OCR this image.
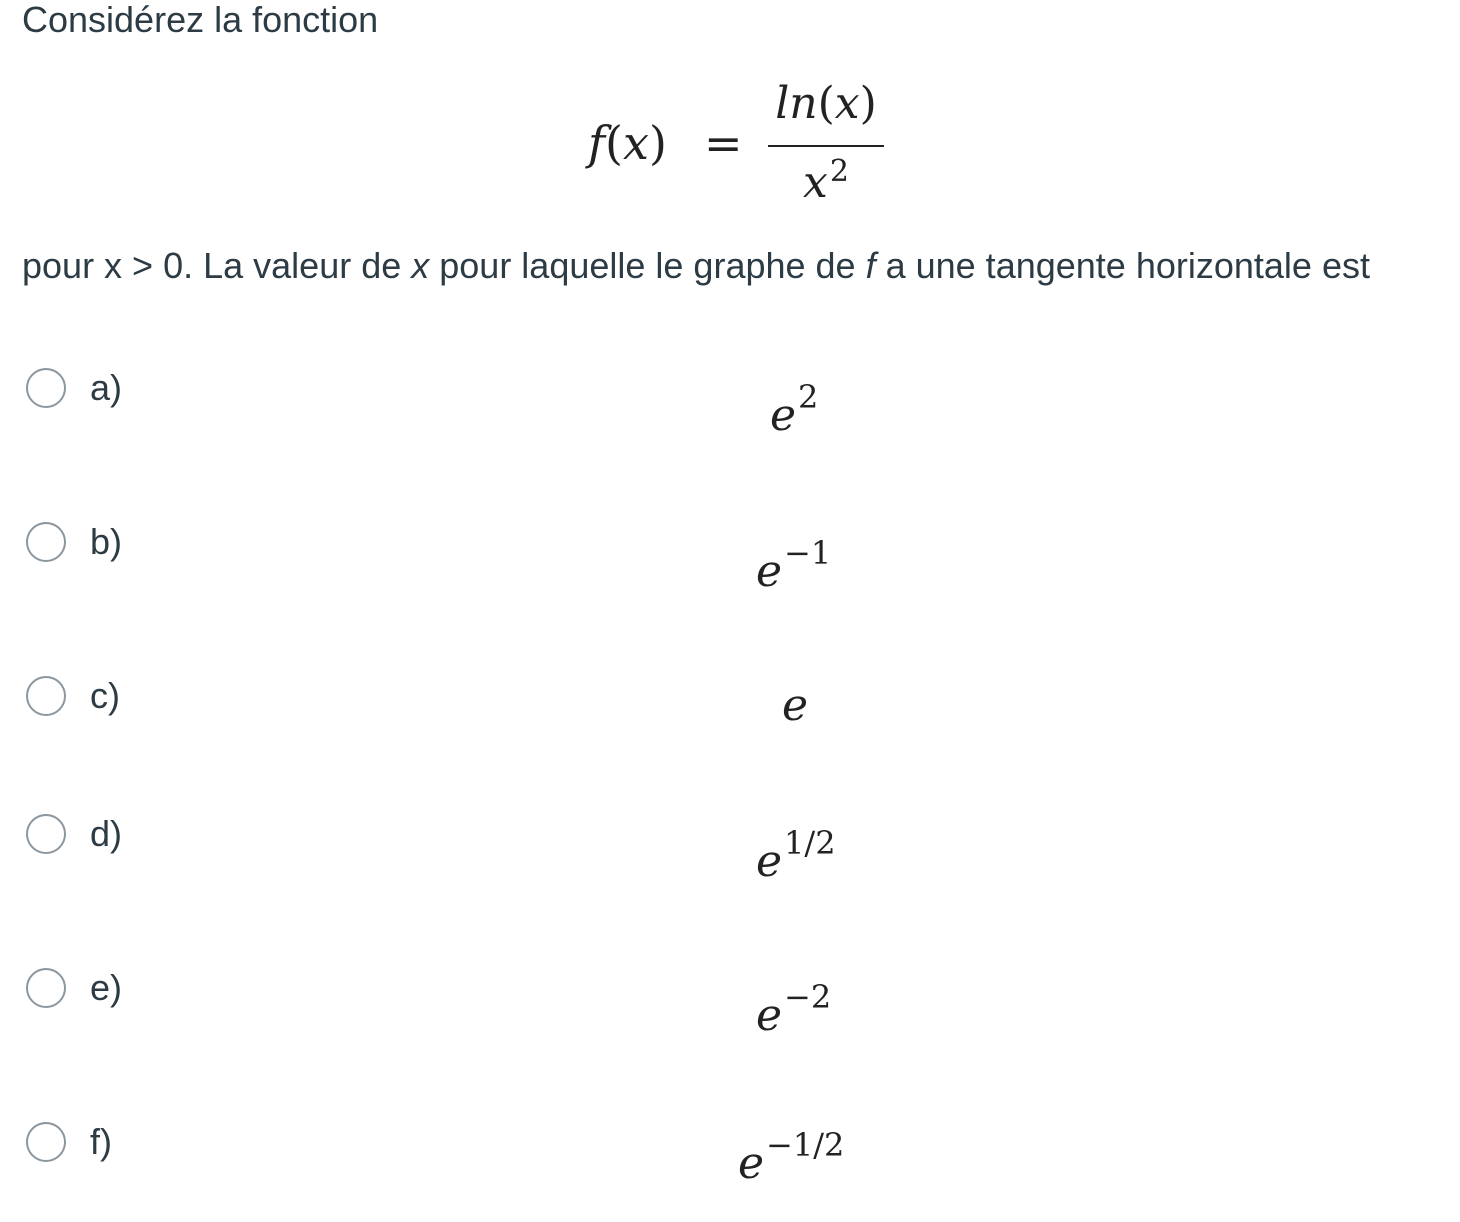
Considérez la fonction
f(x) =
ln(x)
$x^2$
pour x > 0. La valeur de x pour laquelle le graphe de f a une tangente horizontale est
a)
$e^2$
b)
$e^{-1}$
c)	e
d)
$e^{1/2}$
e)
$e^{-2}$
f)	$e^{-1/2}$
